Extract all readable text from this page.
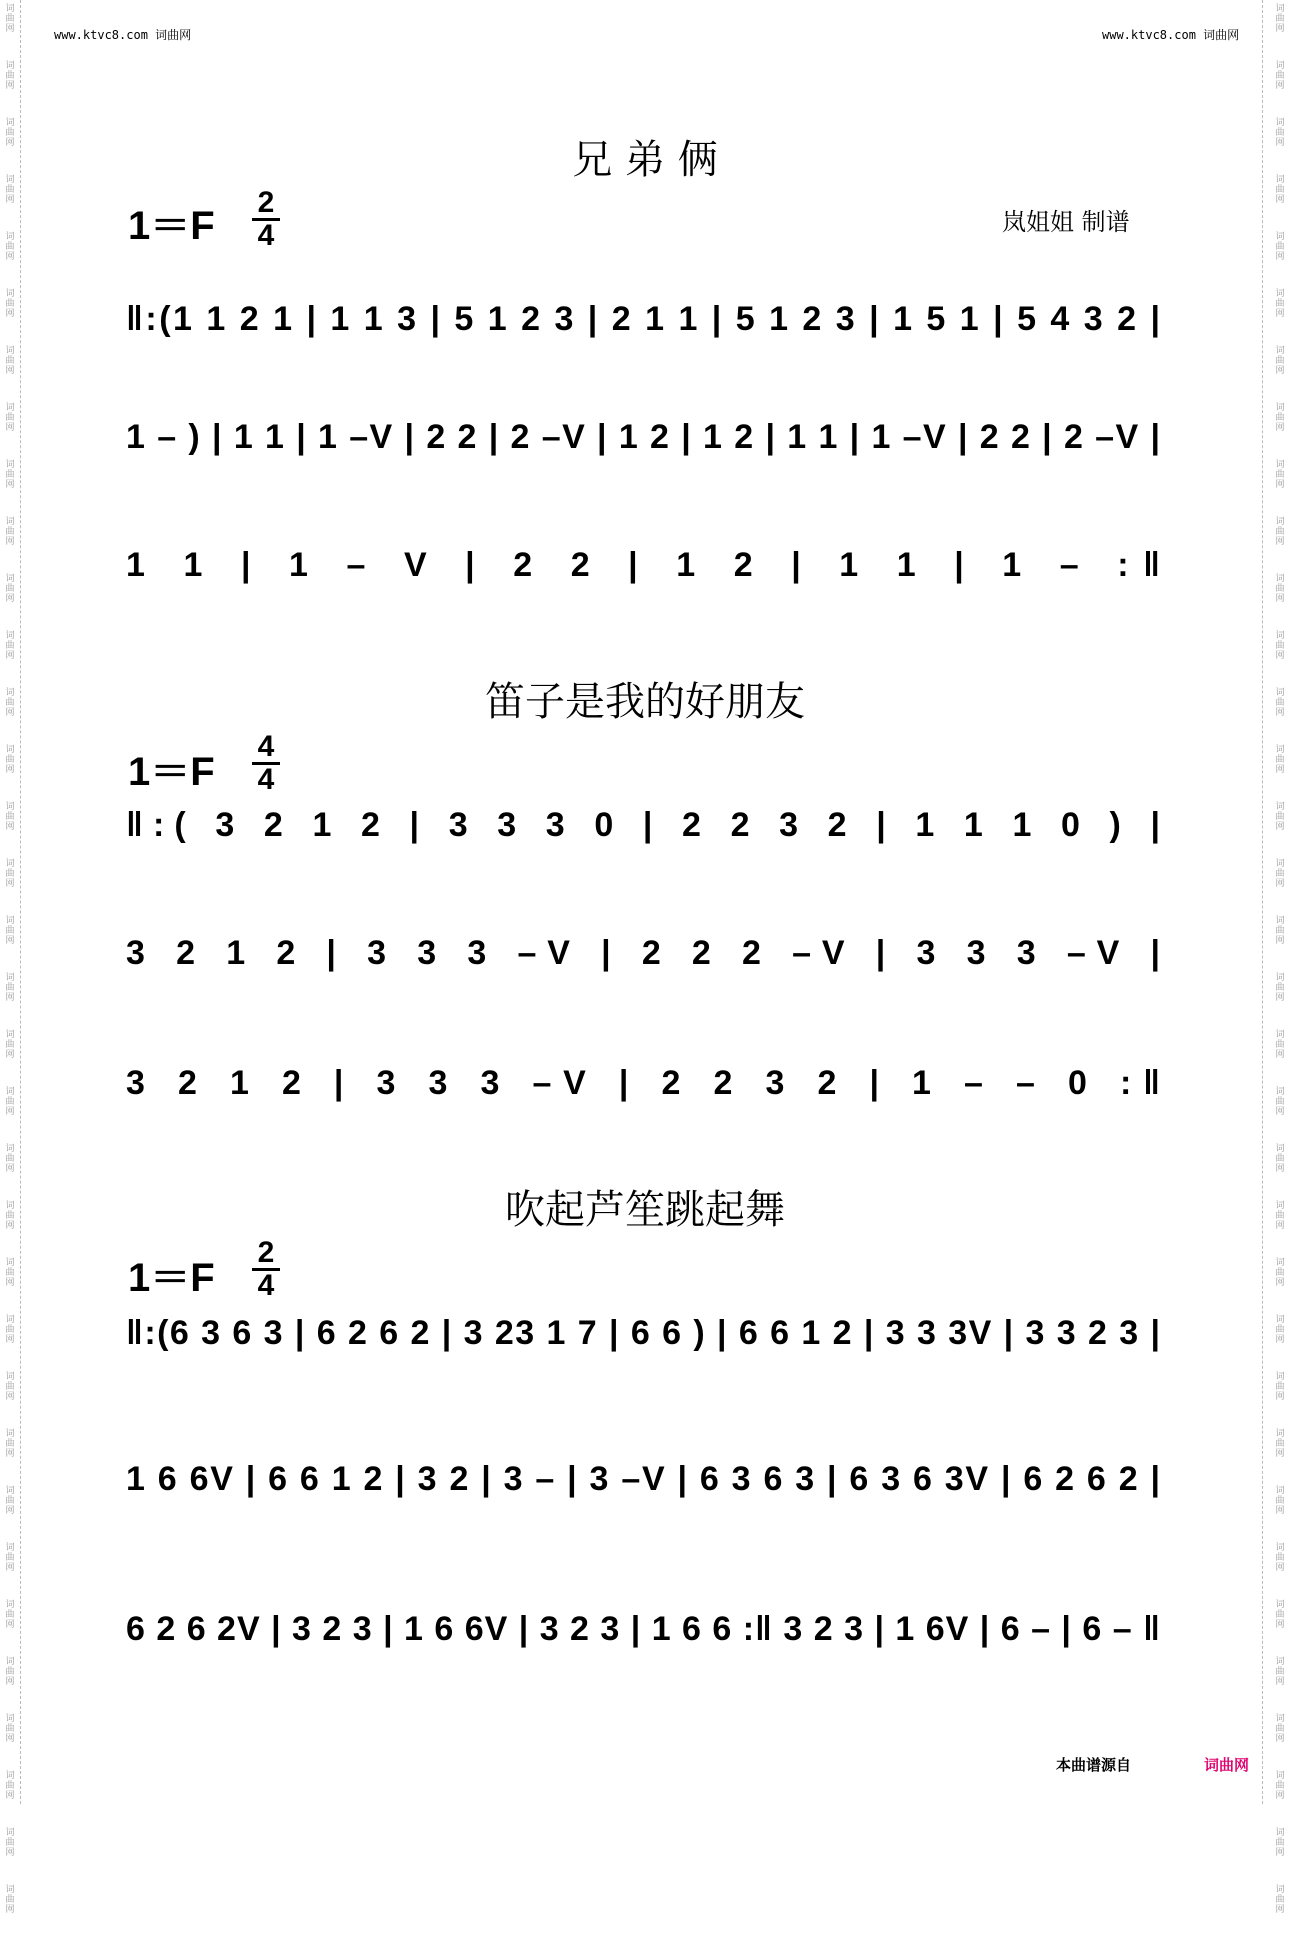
www.ktvc8.com 词曲网	www.ktvc8.com 词曲网
词
曲
网
词
曲
网
词
曲
网
词
曲
网
词
曲
网
词
曲
网
词
曲
网
词
曲
网
词
曲
网
词
曲
网
词
曲
网
词
曲
网
词
曲
网
词
曲
网
词
曲
网
词
曲
网
词
曲
网
词
曲
网
词
曲
网
词
曲
网
词
曲
网
词
曲
网
词
曲
网
词
曲
网
词
曲
网
词
曲
网
词
曲
网
词
曲
网
词
曲
网
词
曲
网
词
曲
网
词
曲
网
词
曲
网
词
曲
网
词
曲
网
词
曲
网
词
曲
网
词
曲
网
词
曲
网
词
曲
网
词
曲
网
词
曲
网
词
曲
网
词
曲
网
词
曲
网
词
曲
网
词
曲
网
词
曲
网
词
曲
网
词
曲
网
词
曲
网
词
曲
网
词
曲
网
词
曲
网
词
曲
网
词
曲
网
词
曲
网
词
曲
网
词
曲
网
词
曲
网
词
曲
网
词
曲
网
词
曲
网
词
曲
网
词
曲
网
词
曲
网
词
曲
网
词
曲
网
兄 弟 俩
1＝F
2
4	岚姐姐 制谱
‖:(1 1 2 1 | 1 1 3 | 5 1 2 3 | 2 1 1 | 5 1 2 3 | 1 5 1 | 5 4 3 2 |
1 – ) | 1 1 | 1 –V | 2 2 | 2 –V | 1 2 | 1 2 | 1 1 | 1 –V | 2 2 | 2 –V |
1 1 | 1 – V | 2 2 | 1 2 | 1 1 | 1 – :‖
笛子是我的好朋友
1＝F
4
4
‖:( 3 2 1 2 | 3 3 3 0 | 2 2 3 2 | 1 1 1 0 ) |
3 2 1 2 | 3 3 3 –V | 2 2 2 –V | 3 3 3 –V |
3 2 1 2 | 3 3 3 –V | 2 2 3 2 | 1 – – 0 :‖
吹起芦笙跳起舞
1＝F
2
4
‖:(6 3 6 3 | 6 2 6 2 | 3 23 1 7 | 6 6 ) | 6 6 1 2 | 3 3 3V | 3 3 2 3 |
1 6 6V | 6 6 1 2 | 3 2 | 3 – | 3 –V | 6 3 6 3 | 6 3 6 3V | 6 2 6 2 |
6 2 6 2V | 3 2 3 | 1 6 6V | 3 2 3 | 1 6 6 :‖ 3 2 3 | 1 6V | 6 – | 6 – ‖
本曲谱源自	词曲网
